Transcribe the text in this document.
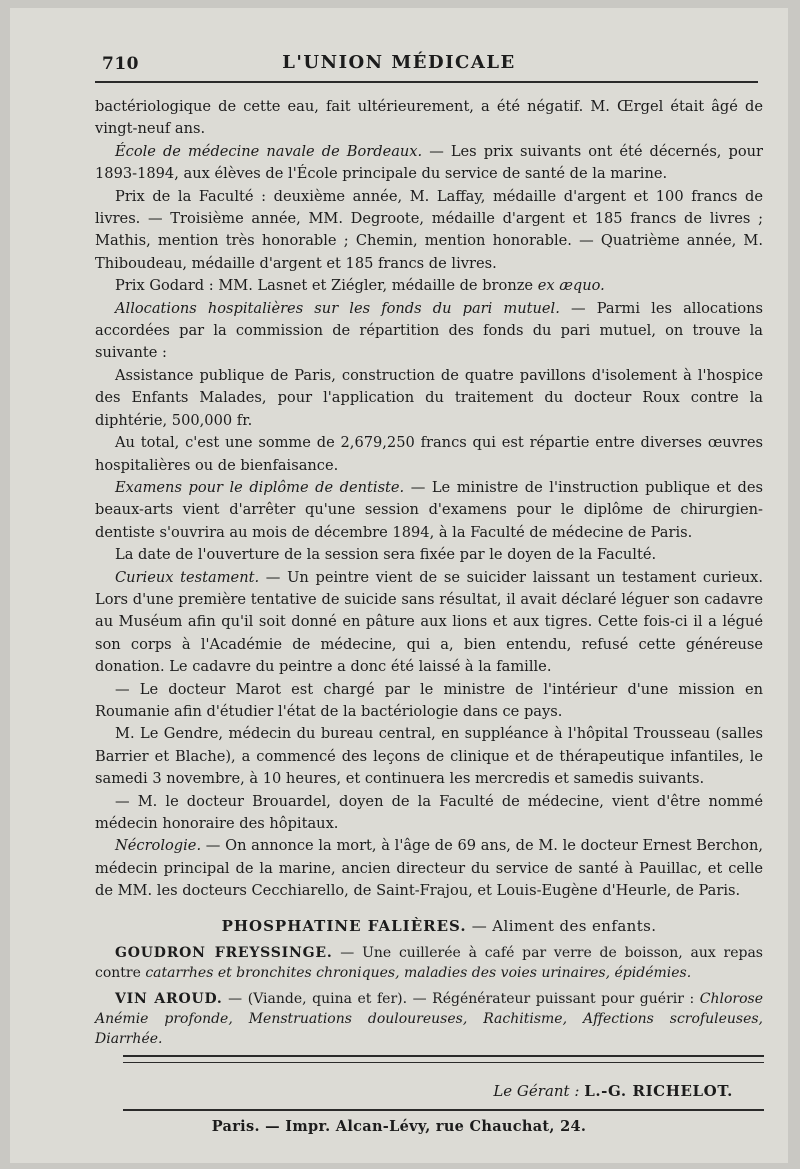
710	L'UNION MÉDICALE

bactériologique de cette eau, fait ultérieurement, a été négatif. M. Œrgel était âgé de vingt-neuf ans.

École de médecine navale de Bordeaux. — Les prix suivants ont été décernés, pour 1893-1894, aux élèves de l'École principale du service de santé de la marine.

Prix de la Faculté : deuxième année, M. Laffay, médaille d'argent et 100 francs de livres. — Troisième année, MM. Degroote, médaille d'argent et 185 francs de livres ; Mathis, mention très honorable ; Chemin, mention honorable. — Quatrième année, M. Thiboudeau, médaille d'argent et 185 francs de livres.

Prix Godard : MM. Lasnet et Ziégler, médaille de bronze ex æquo.

Allocations hospitalières sur les fonds du pari mutuel. — Parmi les allocations accordées par la commission de répartition des fonds du pari mutuel, on trouve la suivante :

Assistance publique de Paris, construction de quatre pavillons d'isolement à l'hospice des Enfants Malades, pour l'application du traitement du docteur Roux contre la diphtérie, 500,000 fr.

Au total, c'est une somme de 2,679,250 francs qui est répartie entre diverses œuvres hospitalières ou de bienfaisance.

Examens pour le diplôme de dentiste. — Le ministre de l'instruction publique et des beaux-arts vient d'arrêter qu'une session d'examens pour le diplôme de chirurgien-dentiste s'ouvrira au mois de décembre 1894, à la Faculté de médecine de Paris.

La date de l'ouverture de la session sera fixée par le doyen de la Faculté.

Curieux testament. — Un peintre vient de se suicider laissant un testament curieux. Lors d'une première tentative de suicide sans résultat, il avait déclaré léguer son cadavre au Muséum afin qu'il soit donné en pâture aux lions et aux tigres. Cette fois-ci il a légué son corps à l'Académie de médecine, qui a, bien entendu, refusé cette généreuse donation. Le cadavre du peintre a donc été laissé à la famille.

— Le docteur Marot est chargé par le ministre de l'intérieur d'une mission en Roumanie afin d'étudier l'état de la bactériologie dans ce pays.

M. Le Gendre, médecin du bureau central, en suppléance à l'hôpital Trousseau (salles Barrier et Blache), a commencé des leçons de clinique et de thérapeutique infantiles, le samedi 3 novembre, à 10 heures, et continuera les mercredis et samedis suivants.

— M. le docteur Brouardel, doyen de la Faculté de médecine, vient d'être nommé médecin honoraire des hôpitaux.

Nécrologie. — On annonce la mort, à l'âge de 69 ans, de M. le docteur Ernest Berchon, médecin principal de la marine, ancien directeur du service de santé à Pauillac, et celle de MM. les docteurs Cecchiarello, de Saint-Frajou, et Louis-Eugène d'Heurle, de Paris.

PHOSPHATINE FALIÈRES. — Aliment des enfants.

GOUDRON FREYSSINGE. — Une cuillerée à café par verre de boisson, aux repas contre catarrhes et bronchites chroniques, maladies des voies urinaires, épidémies.

VIN AROUD. — (Viande, quina et fer). — Régénérateur puissant pour guérir : Chlorose Anémie profonde, Menstruations douloureuses, Rachitisme, Affections scrofuleuses, Diarrhée.

Le Gérant : L.-G. RICHELOT.
Paris. — Impr. Alcan-Lévy, rue Chauchat, 24.
